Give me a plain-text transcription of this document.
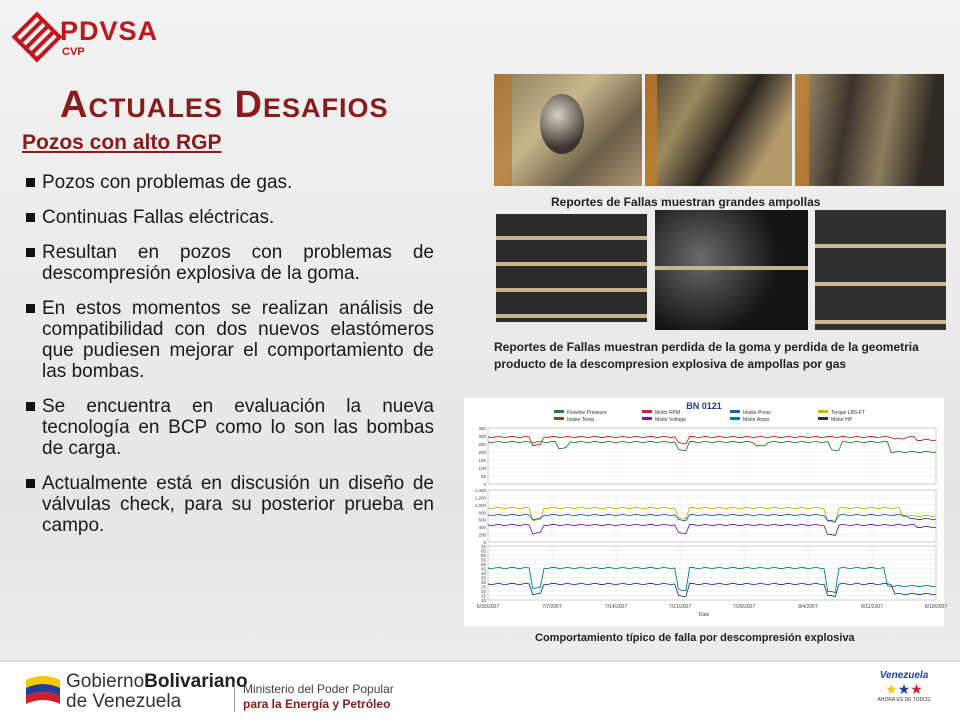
PDVSA
CVP
Actuales Desafios
Pozos con alto RGP
Pozos con problemas de gas.
Continuas Fallas eléctricas.
Resultan en pozos con problemas de descompresión explosiva de la goma.
En estos momentos se realizan análisis de compatibilidad con dos nuevos elastómeros que pudiesen mejorar el comportamiento de las bombas.
Se encuentra en evaluación la nueva tecnología en BCP como lo son las bombas de carga.
Actualmente está en discusión un diseño de válvulas check, para su posterior prueba en campo.
Reportes de Fallas muestran grandes ampollas
Reportes de Fallas muestran perdida de la goma y perdida de la geometria producto de la descompresion explosiva de ampollas por gas
BN 0121
Flowline Pressure	Motor RPM	Intake Press	Torque LBS-FT
Intake Temp	Motor Voltage	Motor Amps	Motor HP
350
300
250
200
150
100
50
0
1,400
1,200
1,000
800
600
400
200
0
70
65
60
55
50
45
40
35
30
25
20
15
10
6/30/2007	7/7/2007	7/14/2007	7/21/2007	7/28/2007	8/4/2007	8/11/2007	8/18/2007
Date
Comportamiento típico de falla por descompresión explosiva
GobiernoBolivariano
de Venezuela
Ministerio del Poder Popular
para la Energía y Petróleo
Venezuela
★★★
AHORA ES DE TODOS
